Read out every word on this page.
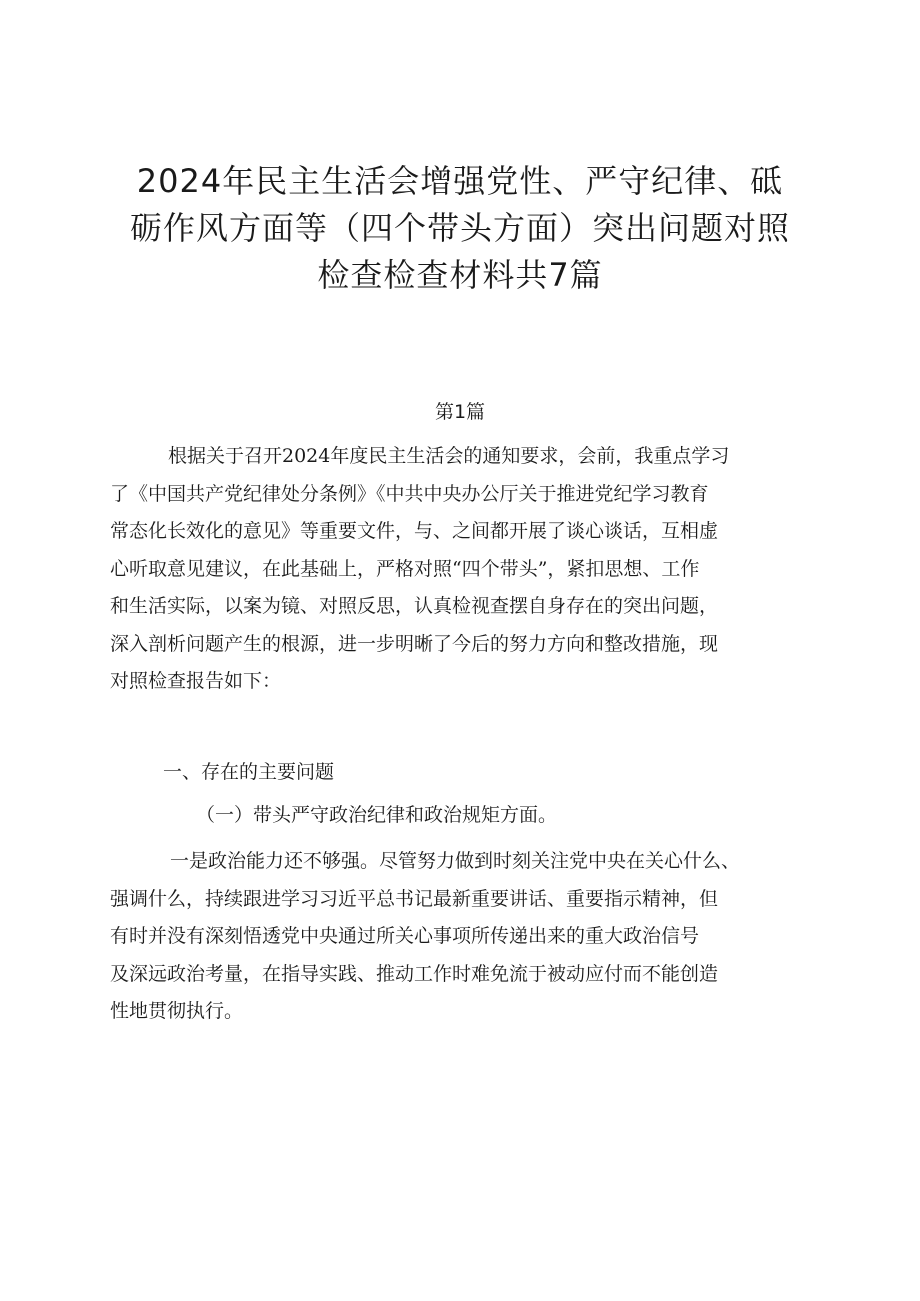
2024年民主生活会增强党性、严守纪律、砥
砺作风方面等（四个带头方面）突出问题对照
检查检查材料共7篇
第1篇
根据关于召开2024年度民主生活会的通知要求，会前，我重点学习
了《中国共产党纪律处分条例》《中共中央办公厅关于推进党纪学习教育
常态化长效化的意见》等重要文件，与、之间都开展了谈心谈话，互相虚
心听取意见建议，在此基础上，严格对照“四个带头”，紧扣思想、工作
和生活实际，以案为镜、对照反思，认真检视查摆自身存在的突出问题，
深入剖析问题产生的根源，进一步明晰了今后的努力方向和整改措施，现
对照检查报告如下：
一、存在的主要问题
（一）带头严守政治纪律和政治规矩方面。
一是政治能力还不够强。尽管努力做到时刻关注党中央在关心什么、
强调什么，持续跟进学习习近平总书记最新重要讲话、重要指示精神，但
有时并没有深刻悟透党中央通过所关心事项所传递出来的重大政治信号
及深远政治考量，在指导实践、推动工作时难免流于被动应付而不能创造
性地贯彻执行。
